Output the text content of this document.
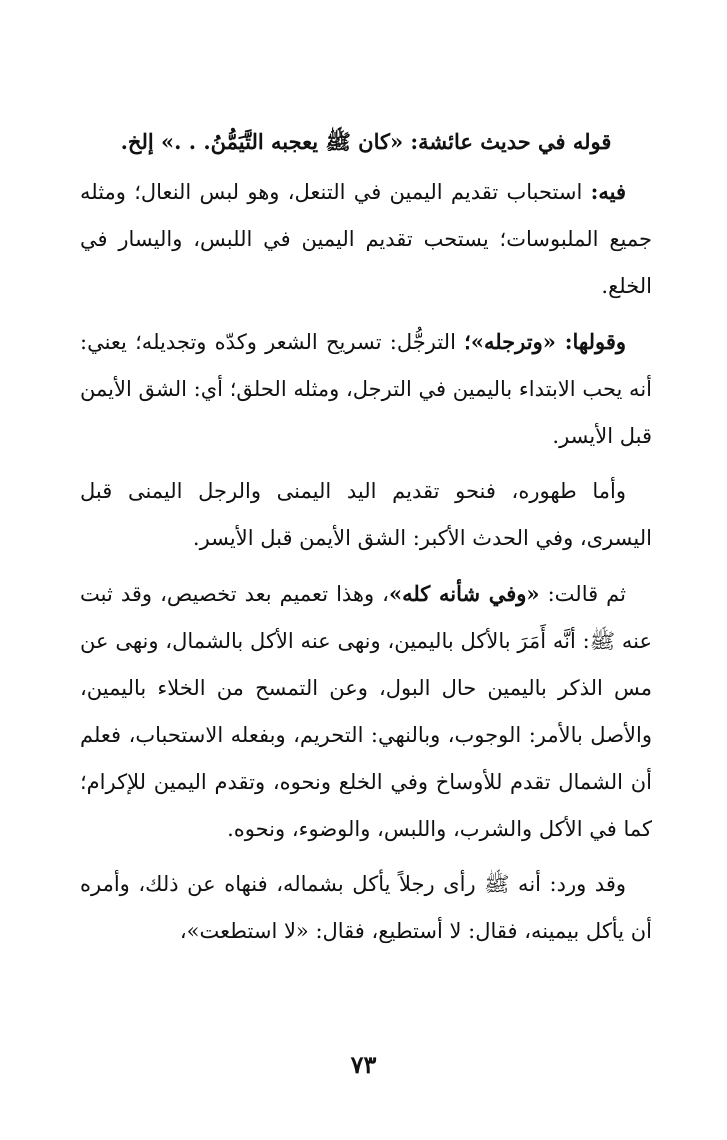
قوله في حديث عائشة: «كان ﷺ يعجبه التَّيَمُّنُ. . .» إلخ.

فيه: استحباب تقديم اليمين في التنعل، وهو لبس النعال؛ ومثله جميع الملبوسات؛ يستحب تقديم اليمين في اللبس، واليسار في الخلع.

وقولها: «وترجله»؛ الترجُّل: تسريح الشعر وكدّه وتجديله؛ يعني: أنه يحب الابتداء باليمين في الترجل، ومثله الحلق؛ أي: الشق الأيمن قبل الأيسر.

وأما طهوره، فنحو تقديم اليد اليمنى والرجل اليمنى قبل اليسرى، وفي الحدث الأكبر: الشق الأيمن قبل الأيسر.

ثم قالت: «وفي شأنه كله»، وهذا تعميم بعد تخصيص، وقد ثبت عنه ﷺ: أنَّه أَمَرَ بالأكل باليمين، ونهى عنه الأكل بالشمال، ونهى عن مس الذكر باليمين حال البول، وعن التمسح من الخلاء باليمين، والأصل بالأمر: الوجوب، وبالنهي: التحريم، وبفعله الاستحباب، فعلم أن الشمال تقدم للأوساخ وفي الخلع ونحوه، وتقدم اليمين للإكرام؛ كما في الأكل والشرب، واللبس، والوضوء، ونحوه.

وقد ورد: أنه ﷺ رأى رجلاً يأكل بشماله، فنهاه عن ذلك، وأمره أن يأكل بيمينه، فقال: لا أستطيع، فقال: «لا استطعت»،

٧٣
